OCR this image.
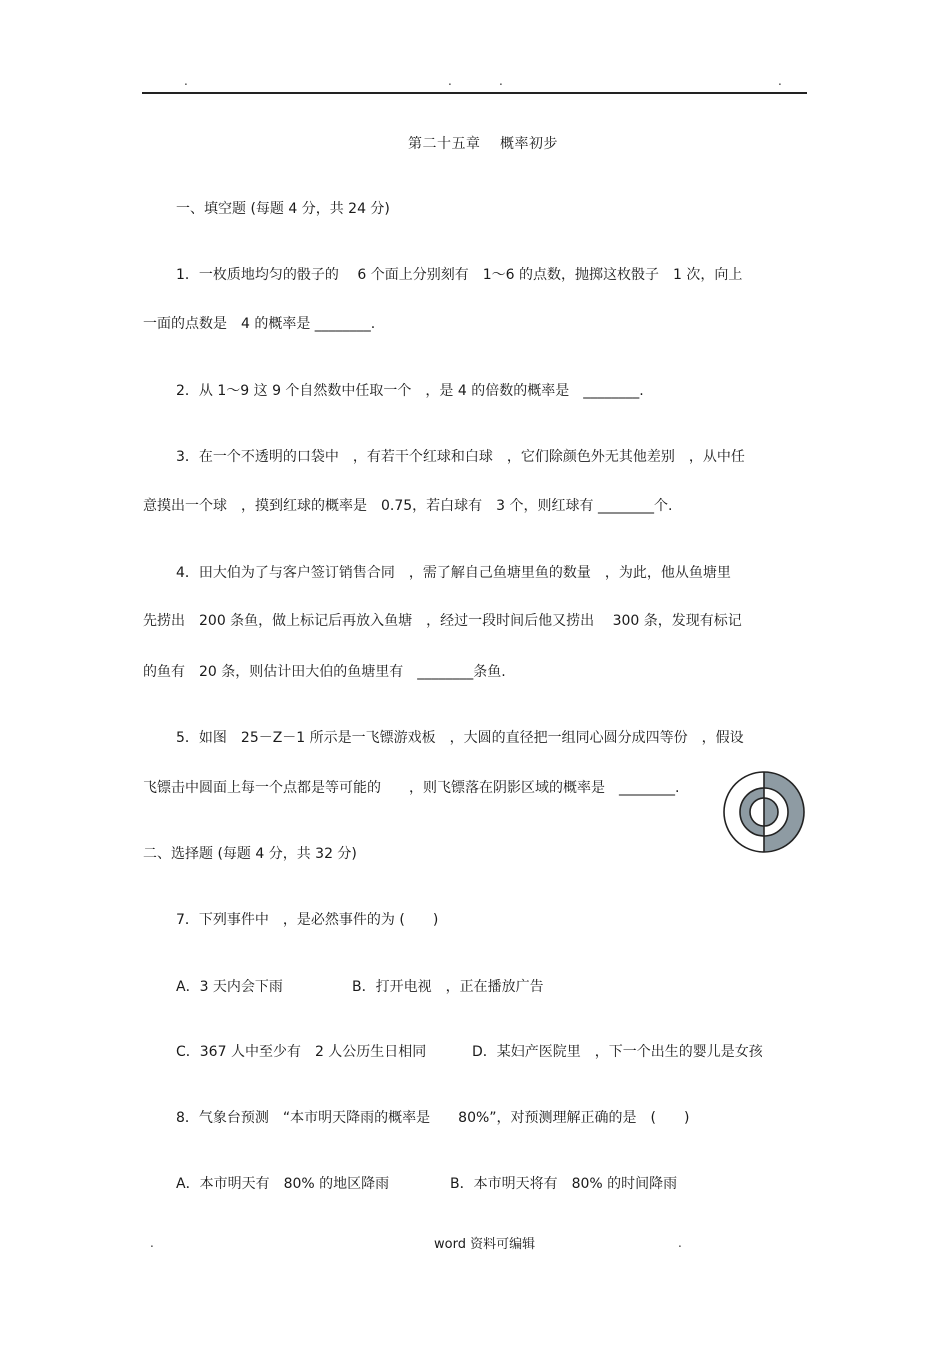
.	.	.	.
第二十五章　 概率初步
一、填空题 (每题 4 分，共 24 分)
1．一枚质地均匀的骰子的　 6 个面上分别刻有　1～6 的点数，抛掷这枚骰子　1 次，向上
一面的点数是　4 的概率是 ________.
2．从 1～9 这 9 个自然数中任取一个　，是 4 的倍数的概率是　________.
3．在一个不透明的口袋中　，有若干个红球和白球　，它们除颜色外无其他差别　，从中任
意摸出一个球　，摸到红球的概率是　0.75，若白球有　3 个，则红球有 ________个.
4．田大伯为了与客户签订销售合同　，需了解自己鱼塘里鱼的数量　，为此，他从鱼塘里
先捞出　200 条鱼，做上标记后再放入鱼塘　，经过一段时间后他又捞出　 300 条，发现有标记
的鱼有　20 条，则估计田大伯的鱼塘里有　________条鱼.
5．如图　25－Z－1 所示是一飞镖游戏板　，大圆的直径把一组同心圆分成四等份　，假设
飞镖击中圆面上每一个点都是等可能的　　，则飞镖落在阴影区域的概率是　________.
二、选择题 (每题 4 分，共 32 分)
7．下列事件中　，是必然事件的为 (　　)
A．3 天内会下雨	B．打开电视　，正在播放广告
C．367 人中至少有　2 人公历生日相同	D．某妇产医院里　，下一个出生的婴儿是女孩
8．气象台预测　“本市明天降雨的概率是　　80%”，对预测理解正确的是　(　　)
A．本市明天有　80% 的地区降雨	B．本市明天将有　80% 的时间降雨
.	word 资料可编辑	.
